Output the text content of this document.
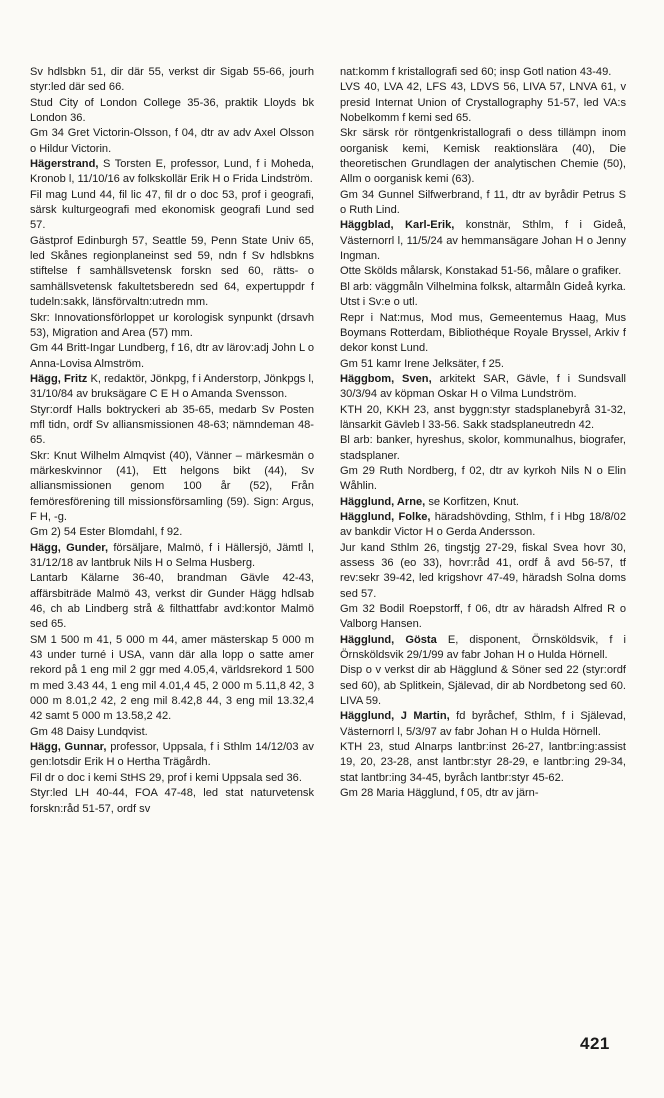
Sv hdlsbkn 51, dir där 55, verkst dir Sigab 55-66, jourh styr:led där sed 66.

Stud City of London College 35-36, praktik Lloyds bk London 36.

Gm 34 Gret Victorin-Olsson, f 04, dtr av adv Axel Olsson o Hildur Victorin.

Hägerstrand, S Torsten E, professor, Lund, f i Moheda, Kronob l, 11/10/16 av folkskollär Erik H o Frida Lindström.

Fil mag Lund 44, fil lic 47, fil dr o doc 53, prof i geografi, särsk kulturgeografi med ekonomisk geografi Lund sed 57.

Gästprof Edinburgh 57, Seattle 59, Penn State Univ 65, led Skånes regionplaneinst sed 59, ndn f Sv hdlsbkns stiftelse f samhällsvetensk forskn sed 60, rätts- o samhällsvetensk fakultetsberedn sed 64, expertuppdr f tudeln:sakk, länsförvaltn:utredn mm.

Skr: Innovationsförloppet ur korologisk synpunkt (drsavh 53), Migration and Area (57) mm.

Gm 44 Britt-Ingar Lundberg, f 16, dtr av lärov:adj John L o Anna-Lovisa Almström.

Hägg, Fritz K, redaktör, Jönkpg, f i Anderstorp, Jönkpgs l, 31/10/84 av bruksägare C E H o Amanda Svensson.

Styr:ordf Halls boktryckeri ab 35-65, medarb Sv Posten mfl tidn, ordf Sv alliansmissionen 48-63; nämndeman 48-65.

Skr: Knut Wilhelm Almqvist (40), Vänner – märkesmän o märkeskvinnor (41), Ett helgons bikt (44), Sv alliansmissionen genom 100 år (52), Från femöresförening till missionsförsamling (59). Sign: Argus, F H, -g.

Gm 2) 54 Ester Blomdahl, f 92.

Hägg, Gunder, försäljare, Malmö, f i Hällersjö, Jämtl l, 31/12/18 av lantbruk Nils H o Selma Husberg.

Lantarb Kälarne 36-40, brandman Gävle 42-43, affärsbiträde Malmö 43, verkst dir Gunder Hägg hdlsab 46, ch ab Lindberg strå & filthattfabr avd:kontor Malmö sed 65.

SM 1 500 m 41, 5 000 m 44, amer mästerskap 5 000 m 43 under turné i USA, vann där alla lopp o satte amer rekord på 1 eng mil 2 ggr med 4.05,4, världsrekord 1 500 m med 3.43 44, 1 eng mil 4.01,4 45, 2 000 m 5.11,8 42, 3 000 m 8.01,2 42, 2 eng mil 8.42,8 44, 3 eng mil 13.32,4 42 samt 5 000 m 13.58,2 42.

Gm 48 Daisy Lundqvist.

Hägg, Gunnar, professor, Uppsala, f i Sthlm 14/12/03 av gen:lotsdir Erik H o Hertha Trägårdh.

Fil dr o doc i kemi StHS 29, prof i kemi Uppsala sed 36.

Styr:led LH 40-44, FOA 47-48, led stat naturvetensk forskn:råd 51-57, ordf sv

nat:komm f kristallografi sed 60; insp Gotl nation 43-49.

LVS 40, LVA 42, LFS 43, LDVS 56, LIVA 57, LNVA 61, v presid Internat Union of Crystallography 51-57, led VA:s Nobelkomm f kemi sed 65.

Skr särsk rör röntgenkristallografi o dess tillämpn inom oorganisk kemi, Kemisk reaktionslära (40), Die theoretischen Grundlagen der analytischen Chemie (50), Allm o oorganisk kemi (63).

Gm 34 Gunnel Silfwerbrand, f 11, dtr av byrådir Petrus S o Ruth Lind.

Häggblad, Karl-Erik, konstnär, Sthlm, f i Gideå, Västernorrl l, 11/5/24 av hemmansägare Johan H o Jenny Ingman.

Otte Skölds målarsk, Konstakad 51-56, målare o grafiker.

Bl arb: väggmåln Vilhelmina folksk, altarmåln Gideå kyrka.

Utst i Sv:e o utl.

Repr i Nat:mus, Mod mus, Gemeentemus Haag, Mus Boymans Rotterdam, Bibliothéque Royale Bryssel, Arkiv f dekor konst Lund.

Gm 51 kamr Irene Jelksäter, f 25.

Häggbom, Sven, arkitekt SAR, Gävle, f i Sundsvall 30/3/94 av köpman Oskar H o Vilma Lundström.

KTH 20, KKH 23, anst byggn:styr stadsplanebyrå 31-32, länsarkit Gävleb l 33-56. Sakk stadsplaneutredn 42.

Bl arb: banker, hyreshus, skolor, kommunalhus, biografer, stadsplaner.

Gm 29 Ruth Nordberg, f 02, dtr av kyrkoh Nils N o Elin Wåhlin.

Hägglund, Arne, se Korfitzen, Knut.

Hägglund, Folke, häradshövding, Sthlm, f i Hbg 18/8/02 av bankdir Victor H o Gerda Andersson.

Jur kand Sthlm 26, tingstjg 27-29, fiskal Svea hovr 30, assess 36 (eo 33), hovr:råd 41, ordf å avd 56-57, tf rev:sekr 39-42, led krigshovr 47-49, häradsh Solna doms sed 57.

Gm 32 Bodil Roepstorff, f 06, dtr av häradsh Alfred R o Valborg Hansen.

Hägglund, Gösta E, disponent, Örnsköldsvik, f i Örnsköldsvik 29/1/99 av fabr Johan H o Hulda Hörnell.

Disp o v verkst dir ab Hägglund & Söner sed 22 (styr:ordf sed 60), ab Splitkein, Själevad, dir ab Nordbetong sed 60. LIVA 59.

Hägglund, J Martin, fd byråchef, Sthlm, f i Själevad, Västernorrl l, 5/3/97 av fabr Johan H o Hulda Hörnell.

KTH 23, stud Alnarps lantbr:inst 26-27, lantbr:ing:assist 19, 20, 23-28, anst lantbr:styr 28-29, e lantbr:ing 29-34, stat lantbr:ing 34-45, byråch lantbr:styr 45-62.

Gm 28 Maria Hägglund, f 05, dtr av järn-

421
